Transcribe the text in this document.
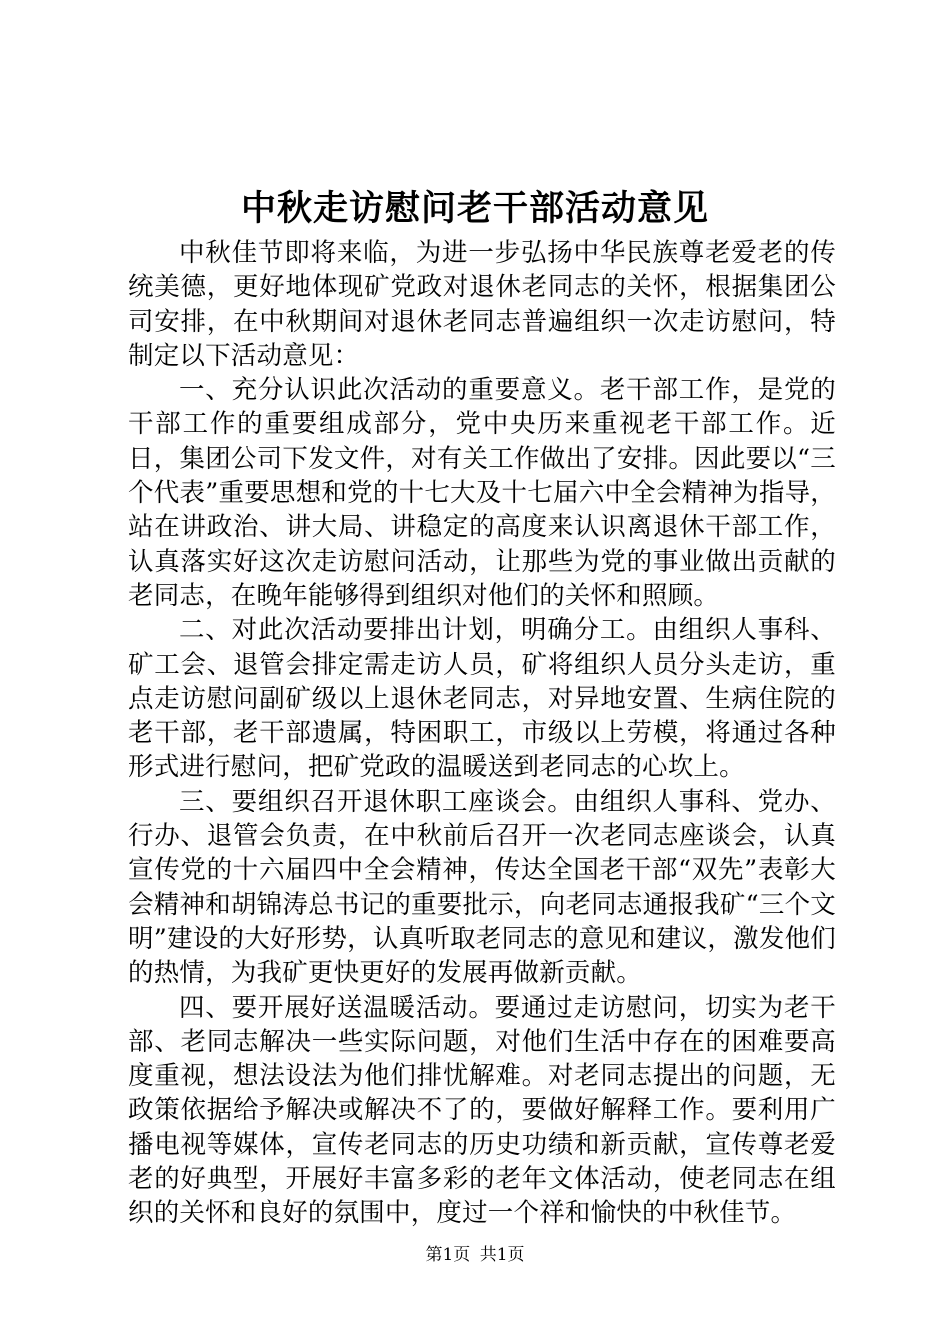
中秋走访慰问老干部活动意见

中秋佳节即将来临，为进一步弘扬中华民族尊老爱老的传统美德，更好地体现矿党政对退休老同志的关怀，根据集团公司安排，在中秋期间对退休老同志普遍组织一次走访慰问，特制定以下活动意见：

一、充分认识此次活动的重要意义。老干部工作，是党的干部工作的重要组成部分，党中央历来重视老干部工作。近日，集团公司下发文件，对有关工作做出了安排。因此要以“三个代表”重要思想和党的十七大及十七届六中全会精神为指导，站在讲政治、讲大局、讲稳定的高度来认识离退休干部工作，认真落实好这次走访慰问活动，让那些为党的事业做出贡献的老同志，在晚年能够得到组织对他们的关怀和照顾。

二、对此次活动要排出计划，明确分工。由组织人事科、矿工会、退管会排定需走访人员，矿将组织人员分头走访，重点走访慰问副矿级以上退休老同志，对异地安置、生病住院的老干部，老干部遗属，特困职工，市级以上劳模，将通过各种形式进行慰问，把矿党政的温暖送到老同志的心坎上。

三、要组织召开退休职工座谈会。由组织人事科、党办、行办、退管会负责，在中秋前后召开一次老同志座谈会，认真宣传党的十六届四中全会精神，传达全国老干部“双先”表彰大会精神和胡锦涛总书记的重要批示，向老同志通报我矿“三个文明”建设的大好形势，认真听取老同志的意见和建议，激发他们的热情，为我矿更快更好的发展再做新贡献。

四、要开展好送温暖活动。要通过走访慰问，切实为老干部、老同志解决一些实际问题，对他们生活中存在的困难要高度重视，想法设法为他们排忧解难。对老同志提出的问题，无政策依据给予解决或解决不了的，要做好解释工作。要利用广播电视等媒体，宣传老同志的历史功绩和新贡献，宣传尊老爱老的好典型，开展好丰富多彩的老年文体活动，使老同志在组织的关怀和良好的氛围中，度过一个祥和愉快的中秋佳节。

第1页 共1页
